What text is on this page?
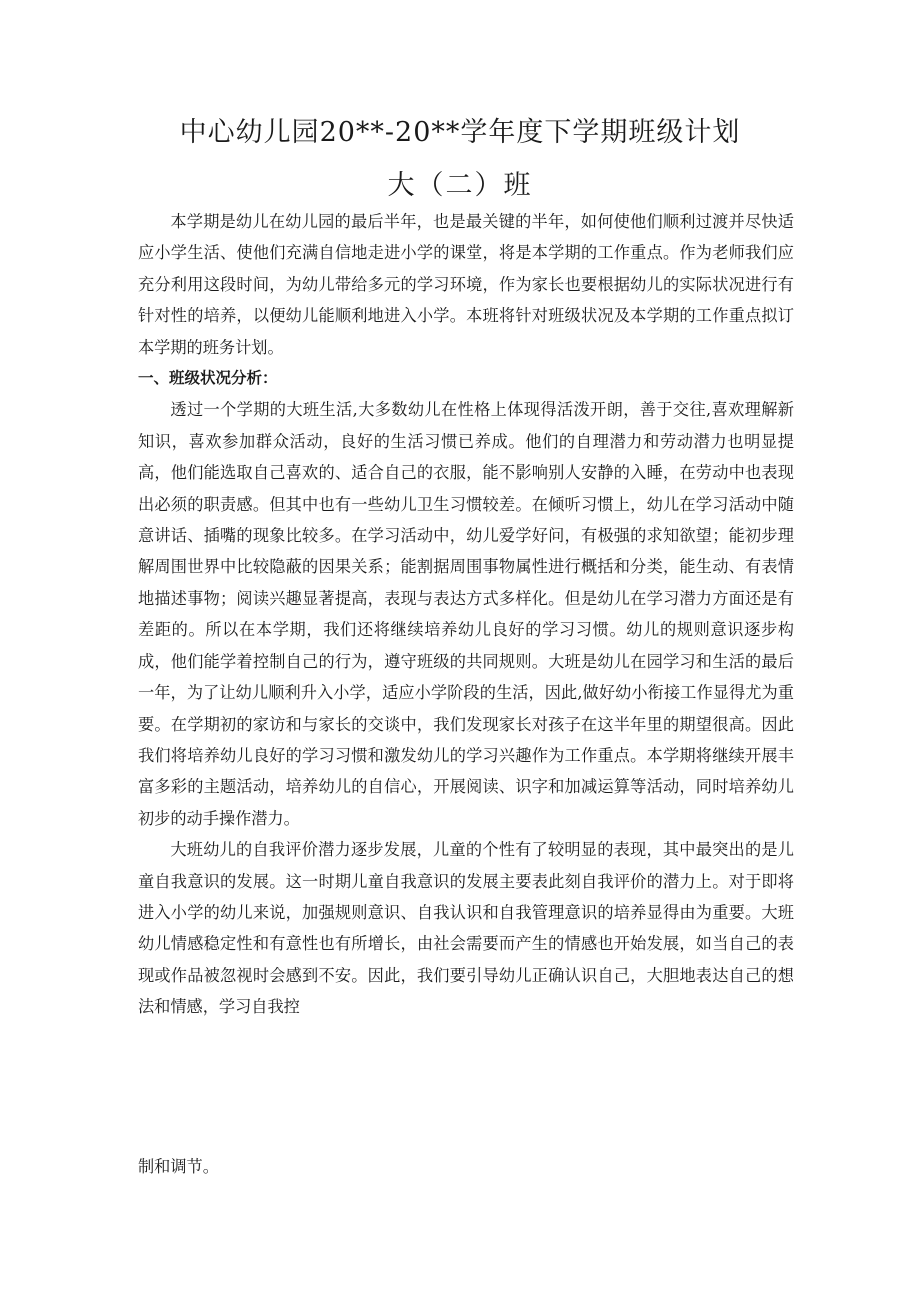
中心幼儿园20**-20**学年度下学期班级计划
大（二）班

本学期是幼儿在幼儿园的最后半年，也是最关键的半年，如何使他们顺利过渡并尽快适应小学生活、使他们充满自信地走进小学的课堂，将是本学期的工作重点。作为老师我们应充分利用这段时间，为幼儿带给多元的学习环境，作为家长也要根据幼儿的实际状况进行有针对性的培养，以便幼儿能顺利地进入小学。本班将针对班级状况及本学期的工作重点拟订本学期的班务计划。

一、班级状况分析：

透过一个学期的大班生活,大多数幼儿在性格上体现得活泼开朗，善于交往,喜欢理解新知识，喜欢参加群众活动，良好的生活习惯已养成。他们的自理潜力和劳动潜力也明显提高，他们能选取自己喜欢的、适合自己的衣服，能不影响别人安静的入睡，在劳动中也表现出必须的职责感。但其中也有一些幼儿卫生习惯较差。在倾听习惯上，幼儿在学习活动中随意讲话、插嘴的现象比较多。在学习活动中，幼儿爱学好问，有极强的求知欲望；能初步理解周围世界中比较隐蔽的因果关系；能割据周围事物属性进行概括和分类，能生动、有表情地描述事物；阅读兴趣显著提高，表现与表达方式多样化。但是幼儿在学习潜力方面还是有差距的。所以在本学期，我们还将继续培养幼儿良好的学习习惯。幼儿的规则意识逐步构成，他们能学着控制自己的行为，遵守班级的共同规则。大班是幼儿在园学习和生活的最后一年，为了让幼儿顺利升入小学，适应小学阶段的生活，因此,做好幼小衔接工作显得尤为重要。在学期初的家访和与家长的交谈中，我们发现家长对孩子在这半年里的期望很高。因此我们将培养幼儿良好的学习习惯和激发幼儿的学习兴趣作为工作重点。本学期将继续开展丰富多彩的主题活动，培养幼儿的自信心，开展阅读、识字和加减运算等活动，同时培养幼儿初步的动手操作潜力。

大班幼儿的自我评价潜力逐步发展，儿童的个性有了较明显的表现，其中最突出的是儿童自我意识的发展。这一时期儿童自我意识的发展主要表此刻自我评价的潜力上。对于即将进入小学的幼儿来说，加强规则意识、自我认识和自我管理意识的培养显得由为重要。大班幼儿情感稳定性和有意性也有所增长，由社会需要而产生的情感也开始发展，如当自己的表现或作品被忽视时会感到不安。因此，我们要引导幼儿正确认识自己，大胆地表达自己的想法和情感，学习自我控

制和调节。
